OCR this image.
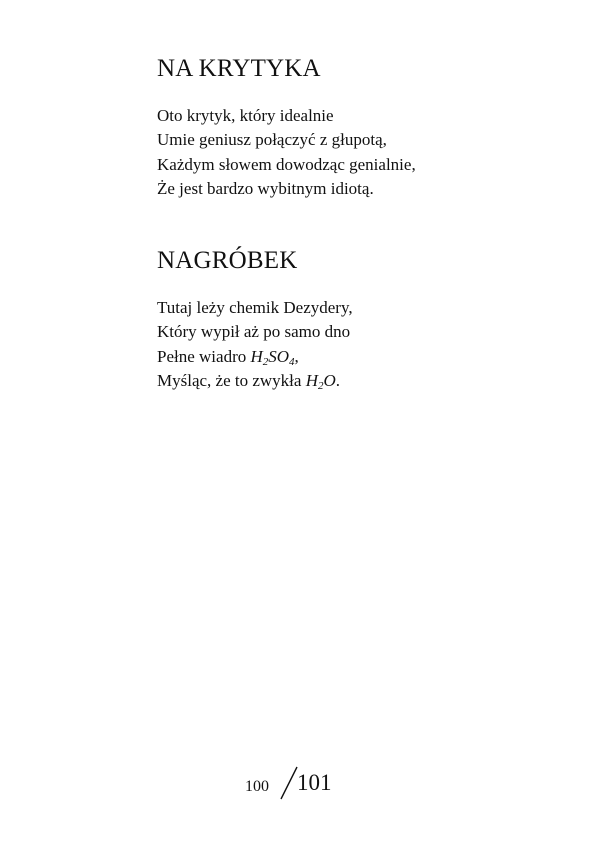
NA KRYTYKA
Oto krytyk, który idealnie
Umie geniusz połączyć z głupotą,
Każdym słowem dowodząc genialnie,
Że jest bardzo wybitnym idiotą.
NAGRÓBEK
Tutaj leży chemik Dezydery,
Który wypił aż po samo dno
Pełne wiadro $H_2SO_4$,
Myśląc, że to zwykła $H_2O$.
100 101
